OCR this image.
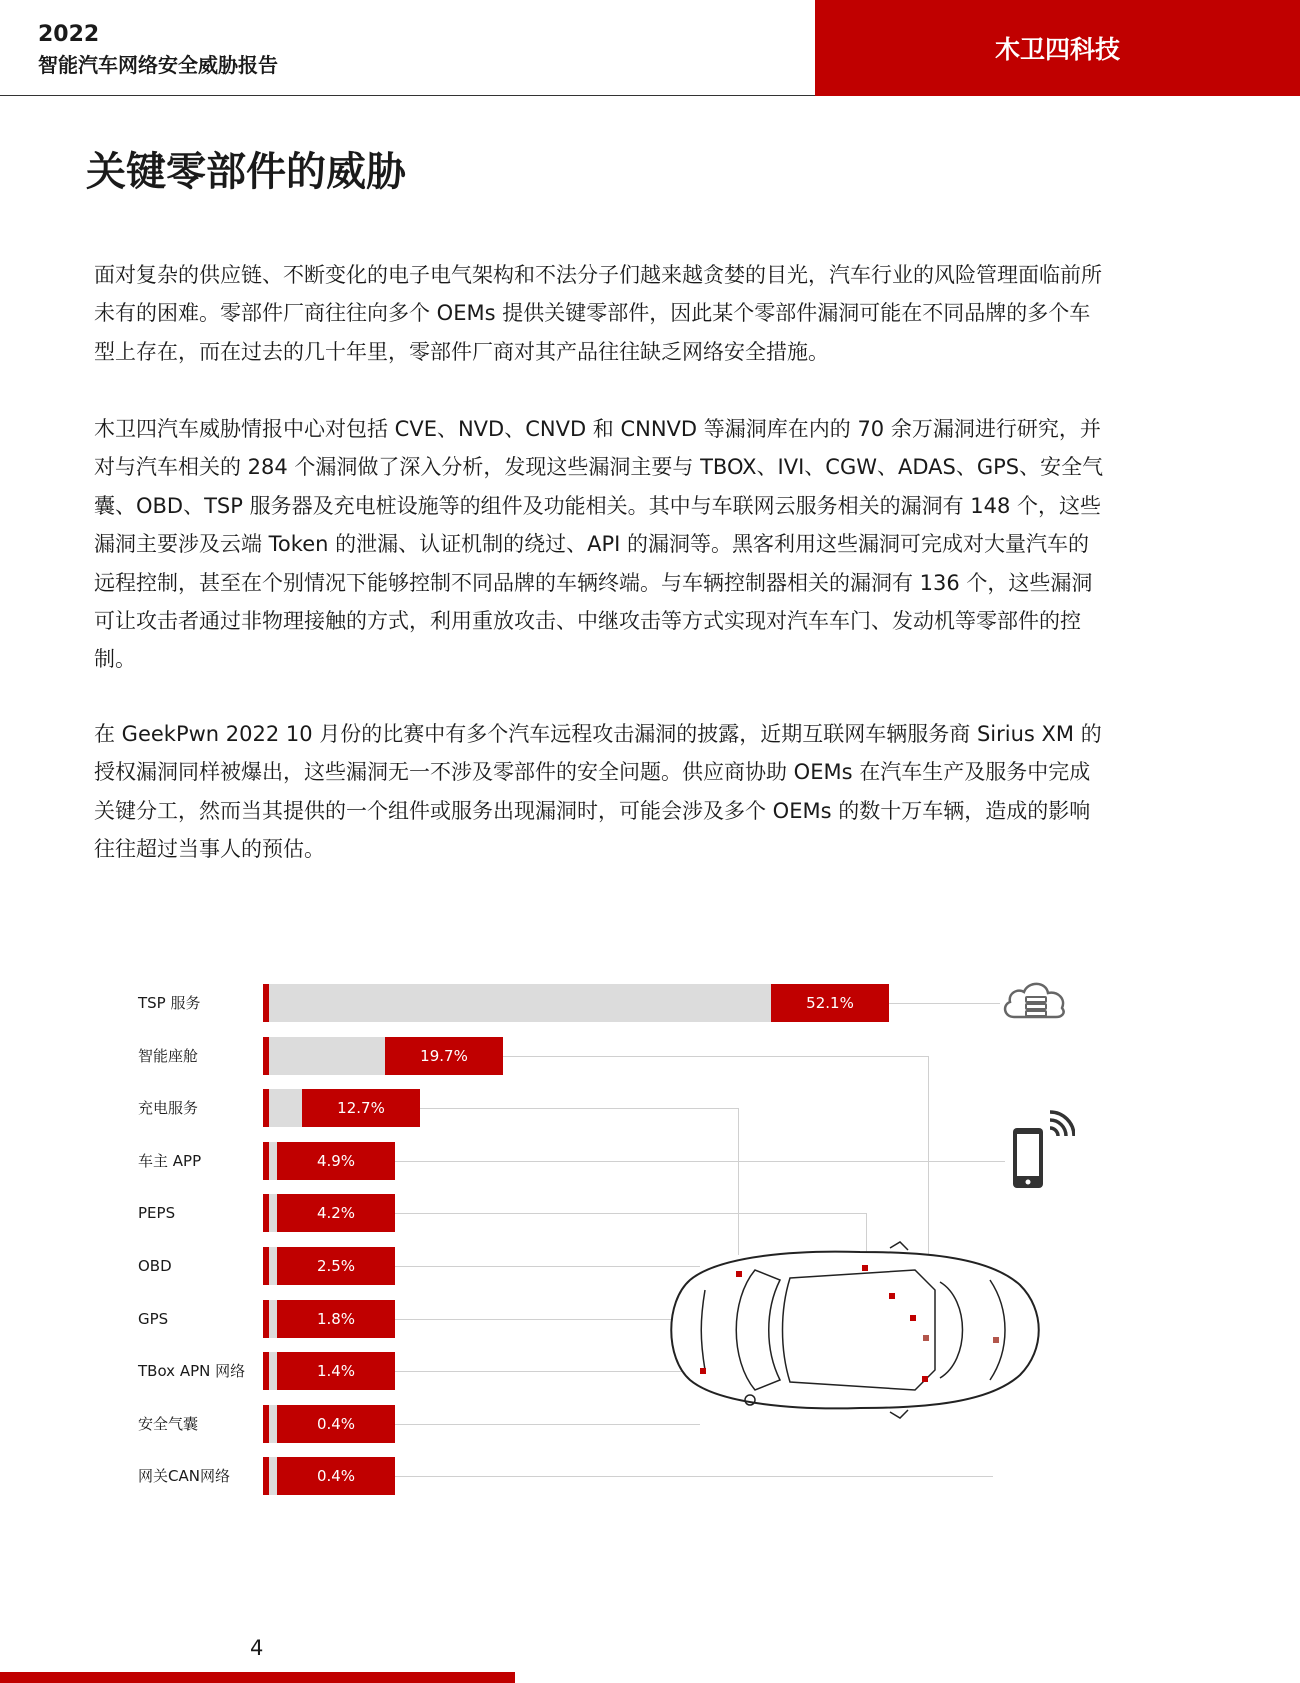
2022
智能汽车网络安全威胁报告
木卫四科技
关键零部件的威胁

面对复杂的供应链、不断变化的电子电气架构和不法分子们越来越贪婪的目光，汽车行业的风险管理面临前所未有的困难。零部件厂商往往向多个 OEMs 提供关键零部件，因此某个零部件漏洞可能在不同品牌的多个车型上存在，而在过去的几十年里，零部件厂商对其产品往往缺乏网络安全措施。

木卫四汽车威胁情报中心对包括 CVE、NVD、CNVD 和 CNNVD 等漏洞库在内的 70 余万漏洞进行研究，并对与汽车相关的 284 个漏洞做了深入分析，发现这些漏洞主要与 TBOX、IVI、CGW、ADAS、GPS、安全气囊、OBD、TSP 服务器及充电桩设施等的组件及功能相关。其中与车联网云服务相关的漏洞有 148 个，这些漏洞主要涉及云端 Token 的泄漏、认证机制的绕过、API 的漏洞等。黑客利用这些漏洞可完成对大量汽车的远程控制，甚至在个别情况下能够控制不同品牌的车辆终端。与车辆控制器相关的漏洞有 136 个，这些漏洞可让攻击者通过非物理接触的方式，利用重放攻击、中继攻击等方式实现对汽车车门、发动机等零部件的控制。

在 GeekPwn 2022 10 月份的比赛中有多个汽车远程攻击漏洞的披露，近期互联网车辆服务商 Sirius XM 的授权漏洞同样被爆出，这些漏洞无一不涉及零部件的安全问题。供应商协助 OEMs 在汽车生产及服务中完成关键分工，然而当其提供的一个组件或服务出现漏洞时，可能会涉及多个 OEMs 的数十万车辆，造成的影响往往超过当事人的预估。

TSP 服务	52.1%
智能座舱	19.7%
充电服务	12.7%
车主 APP	4.9%
PEPS	4.2%
OBD	2.5%
GPS	1.8%
TBox APN 网络	1.4%
安全气囊	0.4%
网关CAN网络	0.4%
4
